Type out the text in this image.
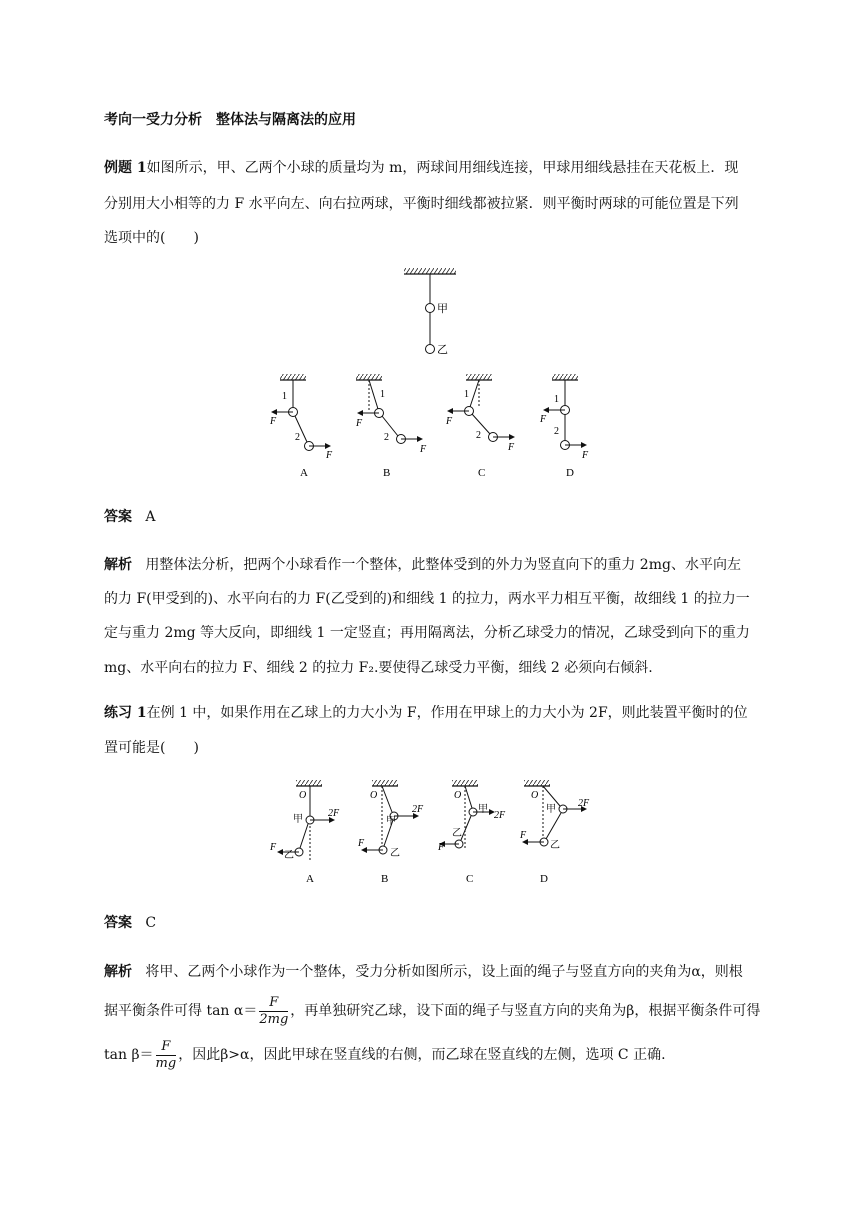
考向一受力分析　整体法与隔离法的应用
例题 1如图所示，甲、乙两个小球的质量均为 m，两球间用细线连接，甲球用细线悬挂在天花板上．现
分别用大小相等的力 F 水平向左、向右拉两球，平衡时细线都被拉紧．则平衡时两球的可能位置是下列
选项中的(　　)
甲
乙
1
2
F
F
A
1
2
F
F
B
1
2
F
F
C
1
2
F
F
D
答案 A
解析 用整体法分析，把两个小球看作一个整体，此整体受到的外力为竖直向下的重力 2mg、水平向左
的力 F(甲受到的)、水平向右的力 F(乙受到的)和细线 1 的拉力，两水平力相互平衡，故细线 1 的拉力一
定与重力 2mg 等大反向，即细线 1 一定竖直；再用隔离法，分析乙球受力的情况，乙球受到向下的重力
mg、水平向右的拉力 F、细线 2 的拉力 F₂.要使得乙球受力平衡，细线 2 必须向右倾斜.
练习 1在例 1 中，如果作用在乙球上的力大小为 F，作用在甲球上的力大小为 2F，则此装置平衡时的位
置可能是(　　)
O
甲
乙
2F
F
A
O
甲
乙
2F
F
B
O
甲
乙
2F
F
C
O
甲
乙
2F
F
D
答案 C
解析 将甲、乙两个小球作为一个整体，受力分析如图所示，设上面的绳子与竖直方向的夹角为α，则根
据平衡条件可得 $\tan \alpha= \frac{F}{2mg}$ ，再单独研究乙球，设下面的绳子与竖直方向的夹角为β，根据平衡条件可得
$\tan \beta= \frac{F}{mg}$ ，因此β>α，因此甲球在竖直线的右侧，而乙球在竖直线的左侧，选项 C 正确.
